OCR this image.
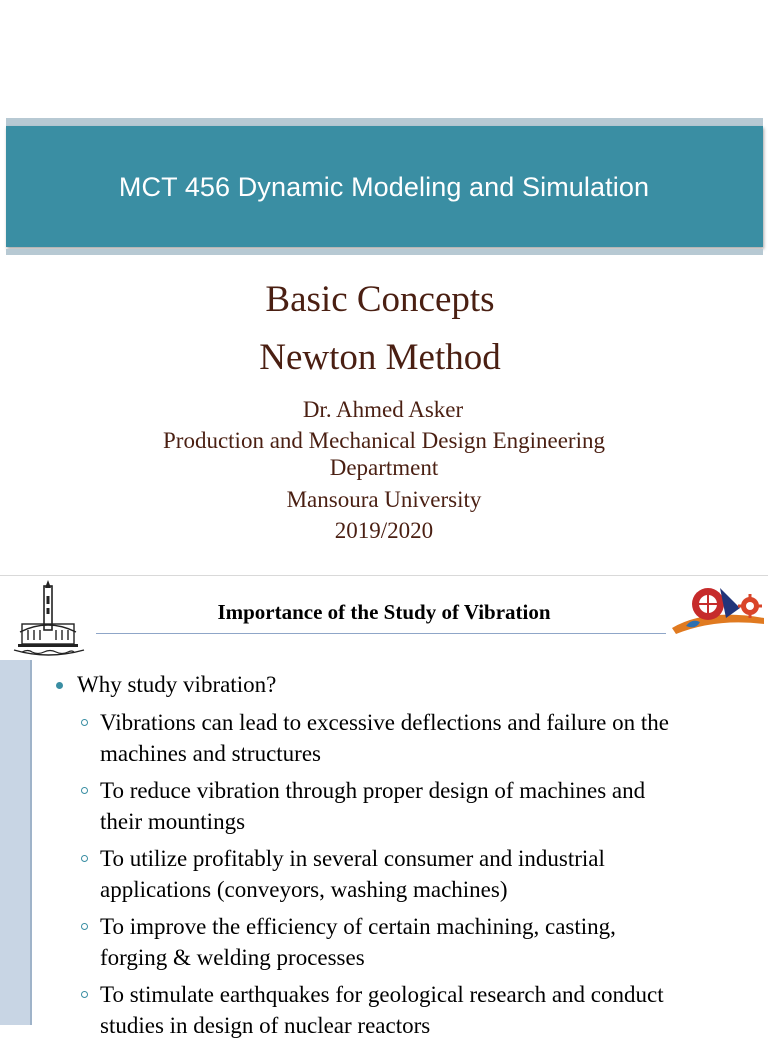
MCT 456 Dynamic Modeling and Simulation
Basic Concepts
Newton Method
Dr. Ahmed Asker
Production and Mechanical Design Engineering
Department
Mansoura University
2019/2020
Importance of the Study of Vibration
Why study vibration?
Vibrations can lead to excessive deflections and failure on the
machines and structures
To reduce vibration through proper design of machines and
their mountings
To utilize profitably in several consumer and industrial
applications (conveyors, washing machines)
To improve the efficiency of certain machining, casting,
forging & welding processes
To stimulate earthquakes for geological research and conduct
studies in design of nuclear reactors
